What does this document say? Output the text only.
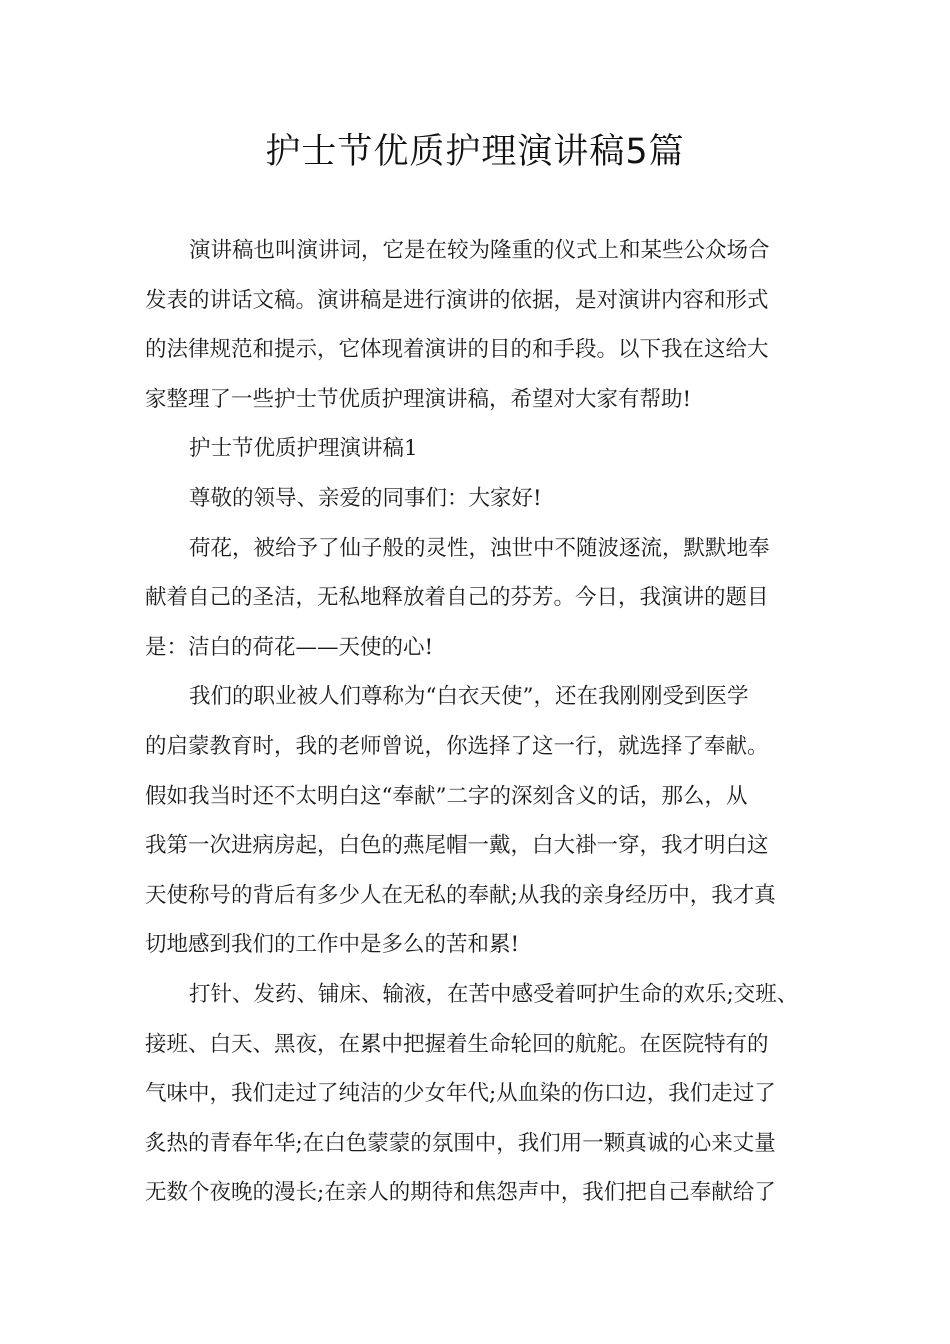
护士节优质护理演讲稿5篇
演讲稿也叫演讲词，它是在较为隆重的仪式上和某些公众场合
发表的讲话文稿。演讲稿是进行演讲的依据，是对演讲内容和形式
的法律规范和提示，它体现着演讲的目的和手段。以下我在这给大
家整理了一些护士节优质护理演讲稿，希望对大家有帮助!
护士节优质护理演讲稿1
尊敬的领导、亲爱的同事们：大家好!
荷花，被给予了仙子般的灵性，浊世中不随波逐流，默默地奉
献着自己的圣洁，无私地释放着自己的芬芳。今日，我演讲的题目
是：洁白的荷花——天使的心!
我们的职业被人们尊称为“白衣天使”，还在我刚刚受到医学
的启蒙教育时，我的老师曾说，你选择了这一行，就选择了奉献。
假如我当时还不太明白这“奉献”二字的深刻含义的话，那么，从
我第一次进病房起，白色的燕尾帽一戴，白大褂一穿，我才明白这
天使称号的背后有多少人在无私的奉献;从我的亲身经历中，我才真
切地感到我们的工作中是多么的苦和累!
打针、发药、铺床、输液，在苦中感受着呵护生命的欢乐;交班、
接班、白天、黑夜，在累中把握着生命轮回的航舵。在医院特有的
气味中，我们走过了纯洁的少女年代;从血染的伤口边，我们走过了
炙热的青春年华;在白色蒙蒙的氛围中，我们用一颗真诚的心来丈量
无数个夜晚的漫长;在亲人的期待和焦怨声中，我们把自己奉献给了
